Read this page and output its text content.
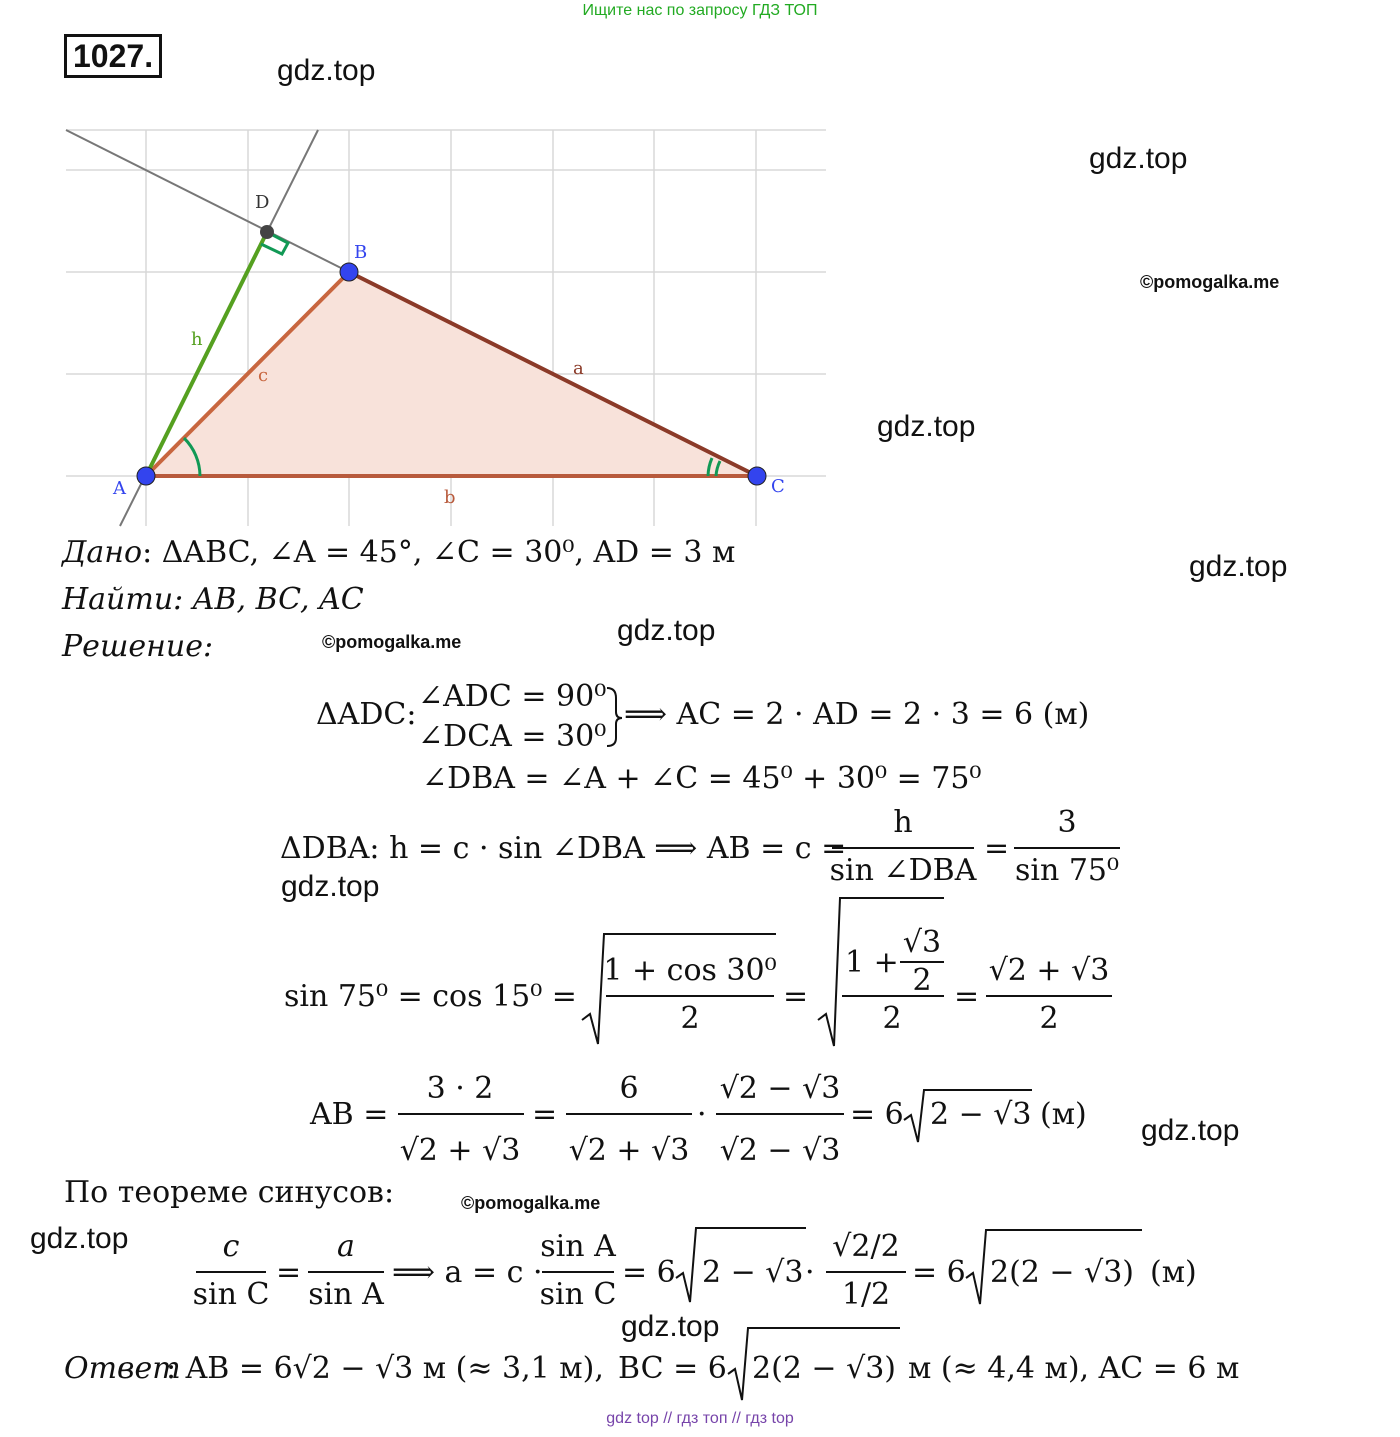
Ищите нас по запросу ГДЗ ТОП
1027.	gdz.top
gdz.top
©pomogalka.me
gdz.top
gdz.top
©pomogalka.me	gdz.top
gdz.top
gdz.top
©pomogalka.me
gdz.top
gdz.top
D
B
A	C
a
b
c
h
Дано: ΔABC, ∠A = 45°, ∠C = 30⁰, AD = 3 м
Найти: AB, BC, AC
Решение:
ΔADC:
∠ADC = 90⁰
∠DCA = 30⁰
⟹ AC = 2 · AD = 2 · 3 = 6 (м)
∠DBA = ∠A + ∠C = 45⁰ + 30⁰ = 75⁰
ΔDBA: h = c · sin ∠DBA ⟹ AB = c =
h
sin ∠DBA
=
3
sin 75⁰
sin 75⁰ = cos 15⁰ =
1 + cos 30⁰
2
=
1 +
√3
2
2
=
√2 + √3
2
AB =
3 · 2
√2 + √3
=
6
√2 + √3
·
√2 − √3
√2 − √3
= 6 2 − √3 (м)
По теореме синусов:
c
sin C
=
a
sin A
⟹ a = c ·
sin A
sin C
= 6 2 − √3 ·
√2/2
1/2
= 6 2(2 − √3) (м)
Ответ
: AB = 6√2 − √3 м (≈ 3,1 м), BC = 6 2(2 − √3) м (≈ 4,4 м), AC = 6 м
gdz top // гдз топ // гдз top
